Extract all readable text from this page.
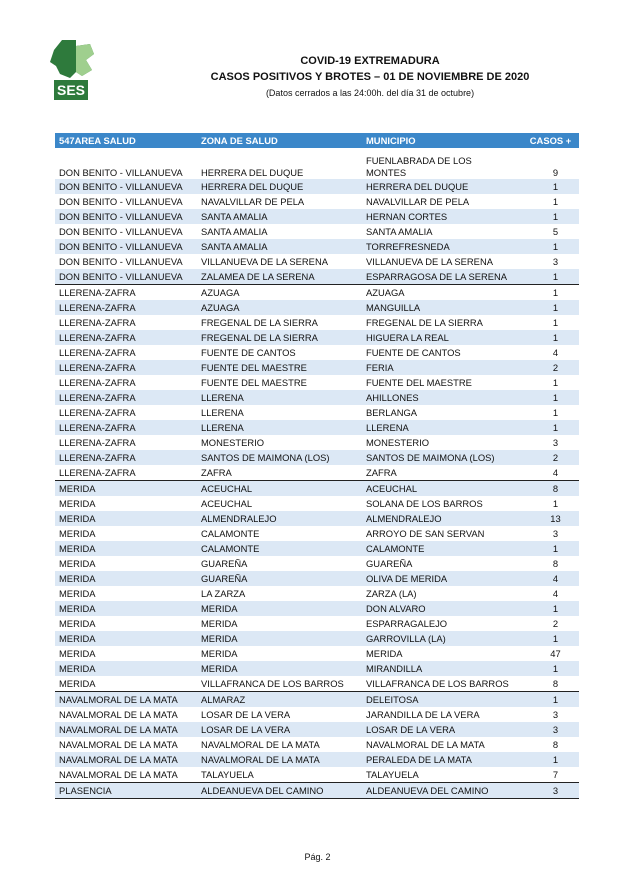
SES
COVID-19 EXTREMADURA
CASOS POSITIVOS Y BROTES – 01 DE NOVIEMBRE DE 2020
(Datos cerrados a las 24:00h. del día 31 de octubre)
547AREA SALUD	ZONA DE SALUD	MUNICIPIO	CASOS +
DON BENITO - VILLANUEVA	HERRERA DEL DUQUE	FUENLABRADA DE LOS MONTES	9
DON BENITO - VILLANUEVA	HERRERA DEL DUQUE	HERRERA DEL DUQUE	1
DON BENITO - VILLANUEVA	NAVALVILLAR DE PELA	NAVALVILLAR DE PELA	1
DON BENITO - VILLANUEVA	SANTA AMALIA	HERNAN CORTES	1
DON BENITO - VILLANUEVA	SANTA AMALIA	SANTA AMALIA	5
DON BENITO - VILLANUEVA	SANTA AMALIA	TORREFRESNEDA	1
DON BENITO - VILLANUEVA	VILLANUEVA DE LA SERENA	VILLANUEVA DE LA SERENA	3
DON BENITO - VILLANUEVA	ZALAMEA DE LA SERENA	ESPARRAGOSA DE LA SERENA	1
LLERENA-ZAFRA	AZUAGA	AZUAGA	1
LLERENA-ZAFRA	AZUAGA	MANGUILLA	1
LLERENA-ZAFRA	FREGENAL DE LA SIERRA	FREGENAL DE LA SIERRA	1
LLERENA-ZAFRA	FREGENAL DE LA SIERRA	HIGUERA LA REAL	1
LLERENA-ZAFRA	FUENTE DE CANTOS	FUENTE DE CANTOS	4
LLERENA-ZAFRA	FUENTE DEL MAESTRE	FERIA	2
LLERENA-ZAFRA	FUENTE DEL MAESTRE	FUENTE DEL MAESTRE	1
LLERENA-ZAFRA	LLERENA	AHILLONES	1
LLERENA-ZAFRA	LLERENA	BERLANGA	1
LLERENA-ZAFRA	LLERENA	LLERENA	1
LLERENA-ZAFRA	MONESTERIO	MONESTERIO	3
LLERENA-ZAFRA	SANTOS DE MAIMONA (LOS)	SANTOS DE MAIMONA (LOS)	2
LLERENA-ZAFRA	ZAFRA	ZAFRA	4
MERIDA	ACEUCHAL	ACEUCHAL	8
MERIDA	ACEUCHAL	SOLANA DE LOS BARROS	1
MERIDA	ALMENDRALEJO	ALMENDRALEJO	13
MERIDA	CALAMONTE	ARROYO DE SAN SERVAN	3
MERIDA	CALAMONTE	CALAMONTE	1
MERIDA	GUAREÑA	GUAREÑA	8
MERIDA	GUAREÑA	OLIVA DE MERIDA	4
MERIDA	LA ZARZA	ZARZA (LA)	4
MERIDA	MERIDA	DON ALVARO	1
MERIDA	MERIDA	ESPARRAGALEJO	2
MERIDA	MERIDA	GARROVILLA (LA)	1
MERIDA	MERIDA	MERIDA	47
MERIDA	MERIDA	MIRANDILLA	1
MERIDA	VILLAFRANCA DE LOS BARROS	VILLAFRANCA DE LOS BARROS	8
NAVALMORAL DE LA MATA	ALMARAZ	DELEITOSA	1
NAVALMORAL DE LA MATA	LOSAR DE LA VERA	JARANDILLA DE LA VERA	3
NAVALMORAL DE LA MATA	LOSAR DE LA VERA	LOSAR DE LA VERA	3
NAVALMORAL DE LA MATA	NAVALMORAL DE LA MATA	NAVALMORAL DE LA MATA	8
NAVALMORAL DE LA MATA	NAVALMORAL DE LA MATA	PERALEDA DE LA MATA	1
NAVALMORAL DE LA MATA	TALAYUELA	TALAYUELA	7
PLASENCIA	ALDEANUEVA DEL CAMINO	ALDEANUEVA DEL CAMINO	3
Pág. 2
